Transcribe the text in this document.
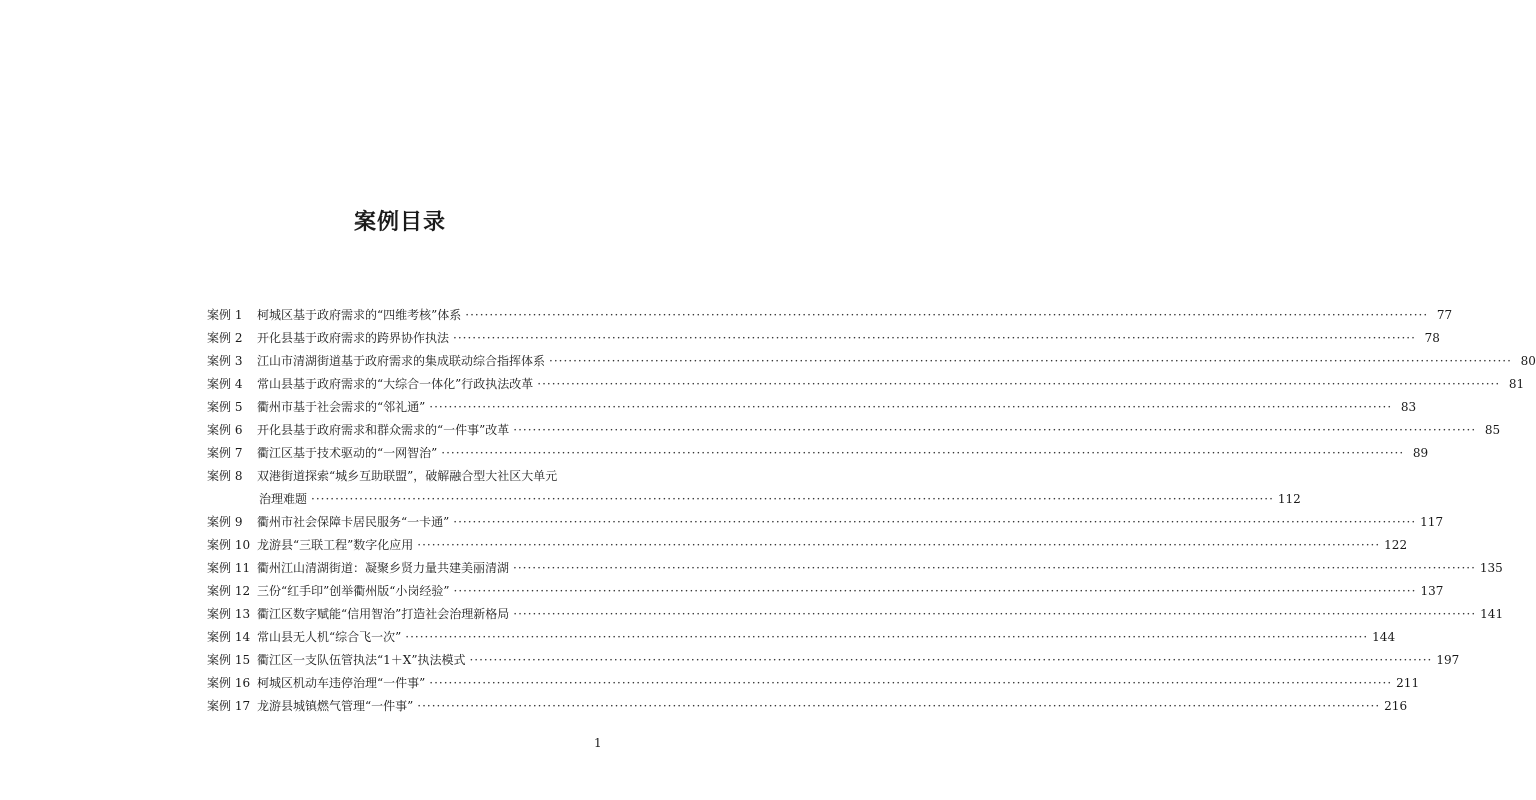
案例目录
案例 1	柯城区基于政府需求的“四维考核”体系 ········································································································································································································ 77
案例 2	开化县基于政府需求的跨界协作执法 ········································································································································································································ 78
案例 3	江山市清湖街道基于政府需求的集成联动综合指挥体系 ········································································································································································································ 80
案例 4	常山县基于政府需求的“大综合一体化”行政执法改革 ········································································································································································································ 81
案例 5	衢州市基于社会需求的“邻礼通” ········································································································································································································ 83
案例 6	开化县基于政府需求和群众需求的“一件事”改革 ········································································································································································································ 85
案例 7	衢江区基于技术驱动的“一网智治” ········································································································································································································ 89
案例 8	双港街道探索“城乡互助联盟”，破解融合型大社区大单元
治理难题 ········································································································································································································ 112
案例 9	衢州市社会保障卡居民服务“一卡通” ········································································································································································································ 117
案例 10 龙游县“三联工程”数字化应用 ········································································································································································································ 122
案例 11 衢州江山清湖街道：凝聚乡贤力量共建美丽清湖 ········································································································································································································ 135
案例 12 三份“红手印”创举衢州版“小岗经验” ········································································································································································································ 137
案例 13 衢江区数字赋能“信用智治”打造社会治理新格局 ········································································································································································································ 141
案例 14 常山县无人机“综合飞一次” ········································································································································································································ 144
案例 15 衢江区一支队伍管执法“1＋X”执法模式 ········································································································································································································ 197
案例 16 柯城区机动车违停治理“一件事” ········································································································································································································ 211
案例 17 龙游县城镇燃气管理“一件事” ········································································································································································································ 216
1
